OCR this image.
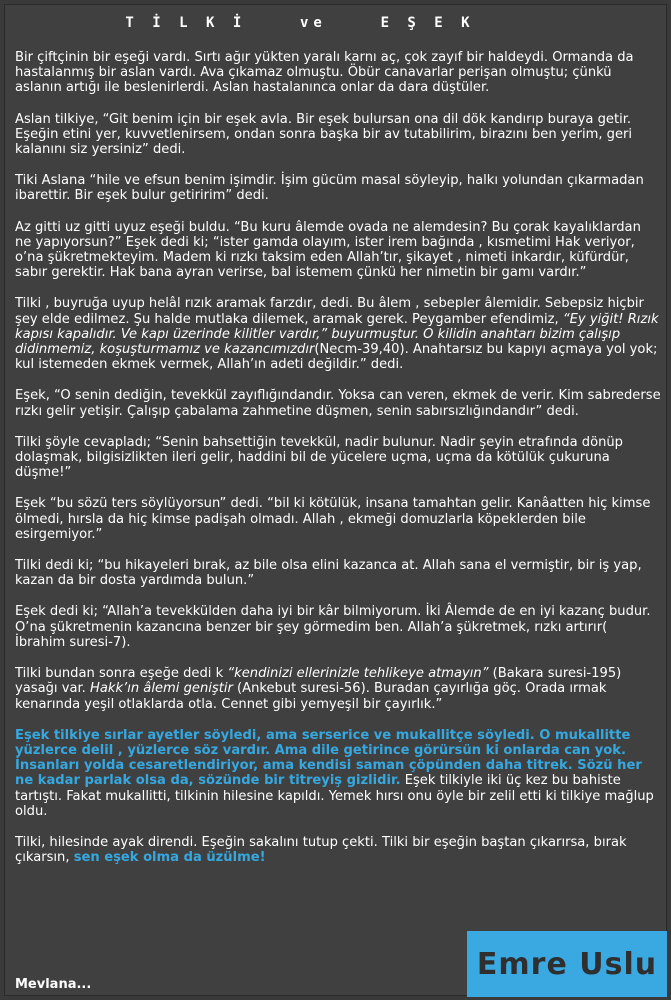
T İ L K İ    ve    E Ş E K

Bir çiftçinin bir eşeği vardı. Sırtı ağır yükten yaralı karnı aç, çok zayıf bir haldeydi. Ormanda da hastalanmış bir aslan vardı. Ava çıkamaz olmuştu. Öbür canavarlar perişan olmuştu; çünkü aslanın artığı ile beslenirlerdi. Aslan hastalanınca onlar da dara düştüler.

Aslan tilkiye, “Git benim için bir eşek avla. Bir eşek bulursan ona dil dök kandırıp buraya getir. Eşeğin etini yer, kuvvetlenirsem, ondan sonra başka bir av tutabilirim, birazını ben yerim, geri kalanını siz yersiniz” dedi.

Tiki Aslana “hile ve efsun benim işimdir. İşim gücüm masal söyleyip, halkı yolundan çıkarmadan ibarettir. Bir eşek bulur getiririm” dedi.

Az gitti uz gitti uyuz eşeği buldu. “Bu kuru âlemde ovada ne alemdesin? Bu çorak kayalıklardan ne yapıyorsun?” Eşek dedi ki; “ister gamda olayım, ister irem bağında , kısmetimi Hak veriyor, o’na şükretmekteyim. Madem ki rızkı taksim eden Allah’tır, şikayet , nimeti inkardır, küfürdür, sabır gerektir. Hak bana ayran verirse, bal istemem çünkü her nimetin bir gamı vardır.”

Tilki , buyruğa uyup helâl rızık aramak farzdır, dedi. Bu âlem , sebepler âlemidir. Sebepsiz hiçbir şey elde edilmez. Şu halde mutlaka dilemek, aramak gerek. Peygamber efendimiz, “Ey yiğit! Rızık kapısı kapalıdır. Ve kapı üzerinde kilitler vardır,” buyurmuştur. O kilidin anahtarı bizim çalışıp didinmemiz, koşuşturmamız ve kazancımızdır(Necm-39,40). Anahtarsız bu kapıyı açmaya yol yok; kul istemeden ekmek vermek, Allah’ın adeti değildir.” dedi.

Eşek, “O senin dediğin, tevekkül zayıflığındandır. Yoksa can veren, ekmek de verir. Kim sabrederse rızkı gelir yetişir. Çalışıp çabalama zahmetine düşmen, senin sabırsızlığındandır” dedi.

Tilki şöyle cevapladı; “Senin bahsettiğin tevekkül, nadir bulunur. Nadir şeyin etrafında dönüp dolaşmak, bilgisizlikten ileri gelir, haddini bil de yücelere uçma, uçma da kötülük çukuruna düşme!”

Eşek “bu sözü ters söylüyorsun” dedi. “bil ki kötülük, insana tamahtan gelir. Kanâatten hiç kimse ölmedi, hırsla da hiç kimse padişah olmadı. Allah , ekmeği domuzlarla köpeklerden bile esirgemiyor.”

Tilki dedi ki; “bu hikayeleri bırak, az bile olsa elini kazanca at. Allah sana el vermiştir, bir iş yap, kazan da bir dosta yardımda bulun.”

Eşek dedi ki; “Allah’a tevekkülden daha iyi bir kâr bilmiyorum. İki Âlemde de en iyi kazanç budur. O’na şükretmenin kazancına benzer bir şey görmedim ben. Allah’a şükretmek, rızkı artırır( İbrahim suresi-7).

Tilki bundan sonra eşeğe dedi k “kendinizi ellerinizle tehlikeye atmayın” (Bakara suresi-195) yasağı var. Hakk’ın âlemi geniştir (Ankebut suresi-56). Buradan çayırlığa göç. Orada ırmak kenarında yeşil otlaklarda otla. Cennet gibi yemyeşil bir çayırlık.”

Eşek tilkiye sırlar ayetler söyledi, ama serserice ve mukallitçe söyledi. O mukallitte yüzlerce delil , yüzlerce söz vardır. Ama dile getirince görürsün ki onlarda can yok. İnsanları yolda cesaretlendiriyor, ama kendisi saman çöpünden daha titrek. Sözü her ne kadar parlak olsa da, sözünde bir titreyiş gizlidir. Eşek tilkiyle iki üç kez bu bahiste tartıştı. Fakat mukallitti, tilkinin hilesine kapıldı. Yemek hırsı onu öyle bir zelil etti ki tilkiye mağlup oldu.

Tilki, hilesinde ayak direndi. Eşeğin sakalını tutup çekti. Tilki bir eşeğin baştan çıkarırsa, bırak çıkarsın, sen eşek olma da üzülme!

Mevlana...
Emre Uslu
